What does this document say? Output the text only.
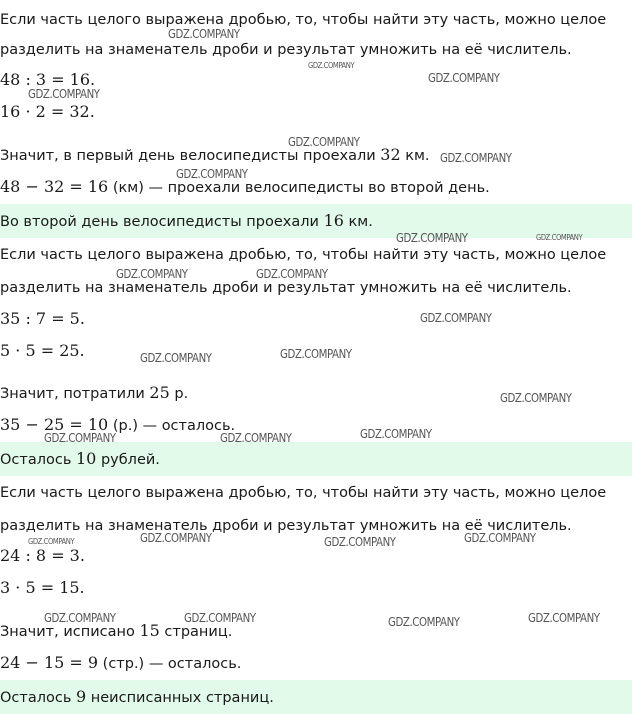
Если часть целого выражена дробью, то, чтобы найти эту часть, можно целое
разделить на знаменатель дроби и результат умножить на её числитель.
48 : 3 = 16.
16 · 2 = 32.
Значит, в первый день велосипедисты проехали 32 км.
48 − 32 = 16 (км) — проехали велосипедисты во второй день.
Во второй день велосипедисты проехали 16 км.
Если часть целого выражена дробью, то, чтобы найти эту часть, можно целое
разделить на знаменатель дроби и результат умножить на её числитель.
35 : 7 = 5.
5 · 5 = 25.
Значит, потратили 25 р.
35 − 25 = 10 (р.) — осталось.
Осталось 10 рублей.
Если часть целого выражена дробью, то, чтобы найти эту часть, можно целое
разделить на знаменатель дроби и результат умножить на её числитель.
24 : 8 = 3.
3 · 5 = 15.
Значит, исписано 15 страниц.
24 − 15 = 9 (стр.) — осталось.
Осталось 9 неисписанных страниц.
GDZ.COMPANY
GDZ.COMPANY
GDZ.COMPANY
GDZ.COMPANY
GDZ.COMPANY
GDZ.COMPANY
GDZ.COMPANY
GDZ.COMPANY	GDZ.COMPANY
GDZ.COMPANY	GDZ.COMPANY
GDZ.COMPANY
GDZ.COMPANY	GDZ.COMPANY
GDZ.COMPANY
GDZ.COMPANY
GDZ.COMPANY	GDZ.COMPANY
GDZ.COMPANY	GDZ.COMPANY	GDZ.COMPANY	GDZ.COMPANY
GDZ.COMPANY	GDZ.COMPANY	GDZ.COMPANY	GDZ.COMPANY
